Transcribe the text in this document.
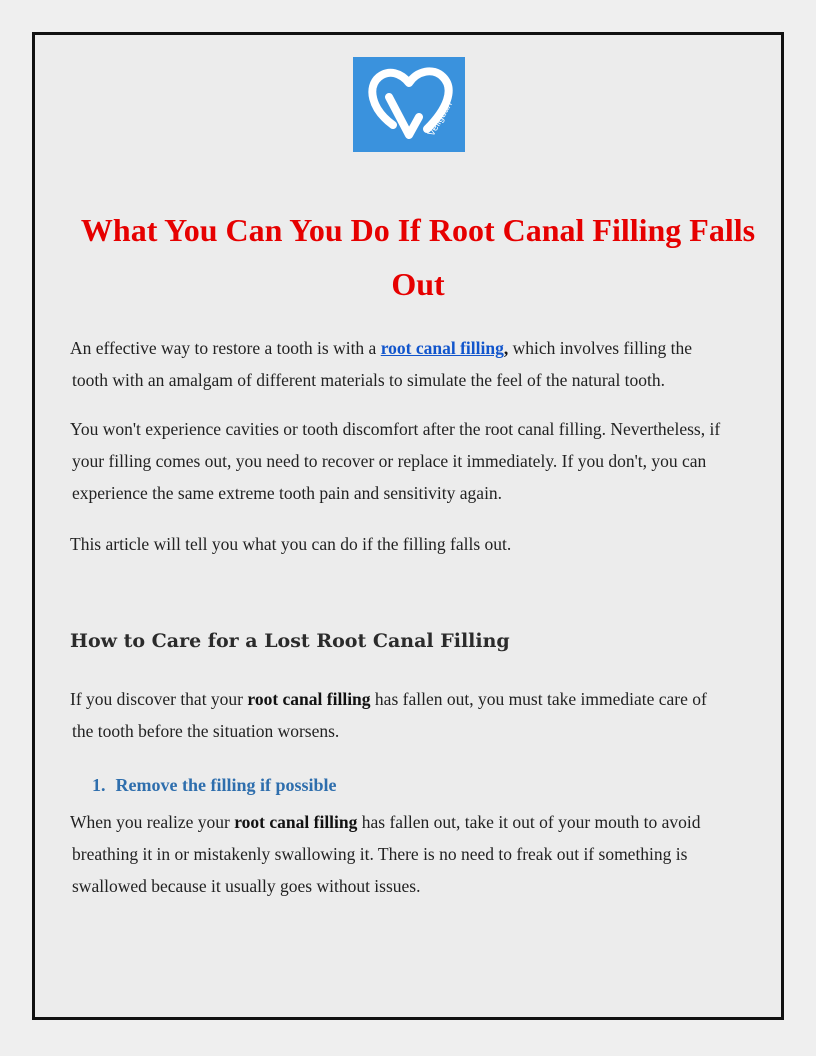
Veligdan
What You Can You Do If Root Canal Filling Falls
Out

An effective way to restore a tooth is with a root canal filling, which involves filling the
tooth with an amalgam of different materials to simulate the feel of the natural tooth.

You won't experience cavities or tooth discomfort after the root canal filling. Nevertheless, if
your filling comes out, you need to recover or replace it immediately. If you don't, you can
experience the same extreme tooth pain and sensitivity again.

This article will tell you what you can do if the filling falls out.

How to Care for a Lost Root Canal Filling

If you discover that your root canal filling has fallen out, you must take immediate care of
the tooth before the situation worsens.

1. Remove the filling if possible

When you realize your root canal filling has fallen out, take it out of your mouth to avoid
breathing it in or mistakenly swallowing it. There is no need to freak out if something is
swallowed because it usually goes without issues.
